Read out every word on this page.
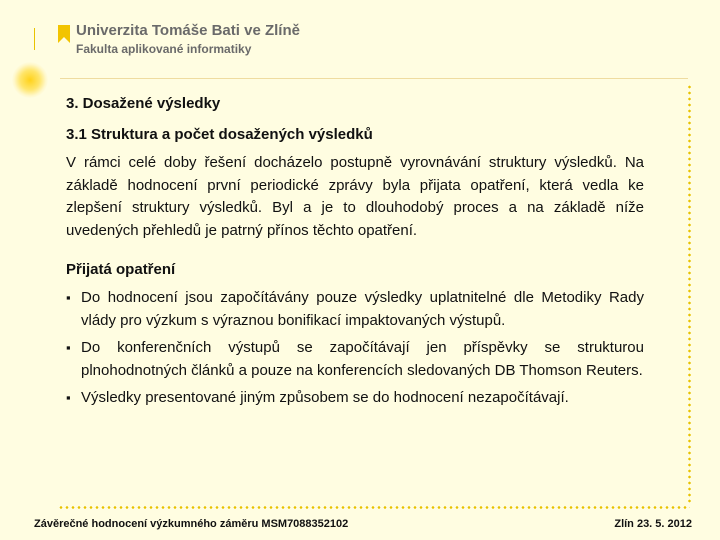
Univerzita Tomáše Bati ve Zlíně
Fakulta aplikované informatiky
3. Dosažené výsledky
3.1 Struktura a počet dosažených výsledků

V rámci celé doby řešení docházelo postupně vyrovnávání struktury výsledků. Na základě hodnocení první periodické zprávy byla přijata opatření, která vedla ke zlepšení struktury výsledků. Byl a je to dlouhodobý proces a na základě níže uvedených přehledů je patrný přínos těchto opatření.

Přijatá opatření

▪ Do hodnocení jsou započítávány pouze výsledky uplatnitelné dle Metodiky Rady vlády pro výzkum s výraznou bonifikací impaktovaných výstupů.
▪ Do konferenčních výstupů se započítávají jen příspěvky se strukturou plnohodnotných článků a pouze na konferencích sledovaných DB Thomson Reuters.
▪ Výsledky presentované jiným způsobem se do hodnocení nezapočítávají.
Závěrečné hodnocení výzkumného záměru MSM7088352102	Zlín 23. 5. 2012
